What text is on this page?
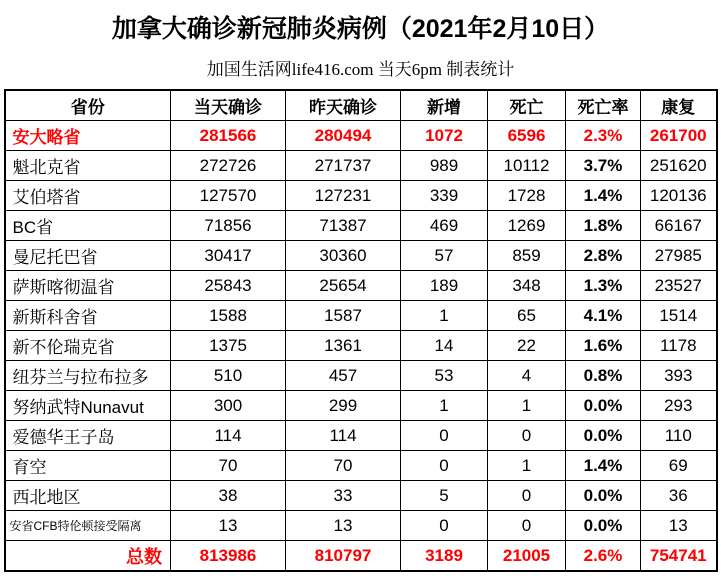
加拿大确诊新冠肺炎病例（2021年2月10日）
加国生活网life416.com 当天6pm 制表统计
省份	当天确诊	昨天确诊	新增	死亡	死亡率	康复
安大略省	281566	280494	1072	6596	2.3%	261700
魁北克省	272726	271737	989	10112	3.7%	251620
艾伯塔省	127570	127231	339	1728	1.4%	120136
BC省	71856	71387	469	1269	1.8%	66167
曼尼托巴省	30417	30360	57	859	2.8%	27985
萨斯喀彻温省	25843	25654	189	348	1.3%	23527
新斯科舍省	1588	1587	1	65	4.1%	1514
新不伦瑞克省	1375	1361	14	22	1.6%	1178
纽芬兰与拉布拉多	510	457	53	4	0.8%	393
努纳武特Nunavut	300	299	1	1	0.0%	293
爱德华王子岛	114	114	0	0	0.0%	110
育空	70	70	0	1	1.4%	69
西北地区	38	33	5	0	0.0%	36
安省CFB特伦顿接受隔离	13	13	0	0	0.0%	13
总数	813986	810797	3189	21005	2.6%	754741
